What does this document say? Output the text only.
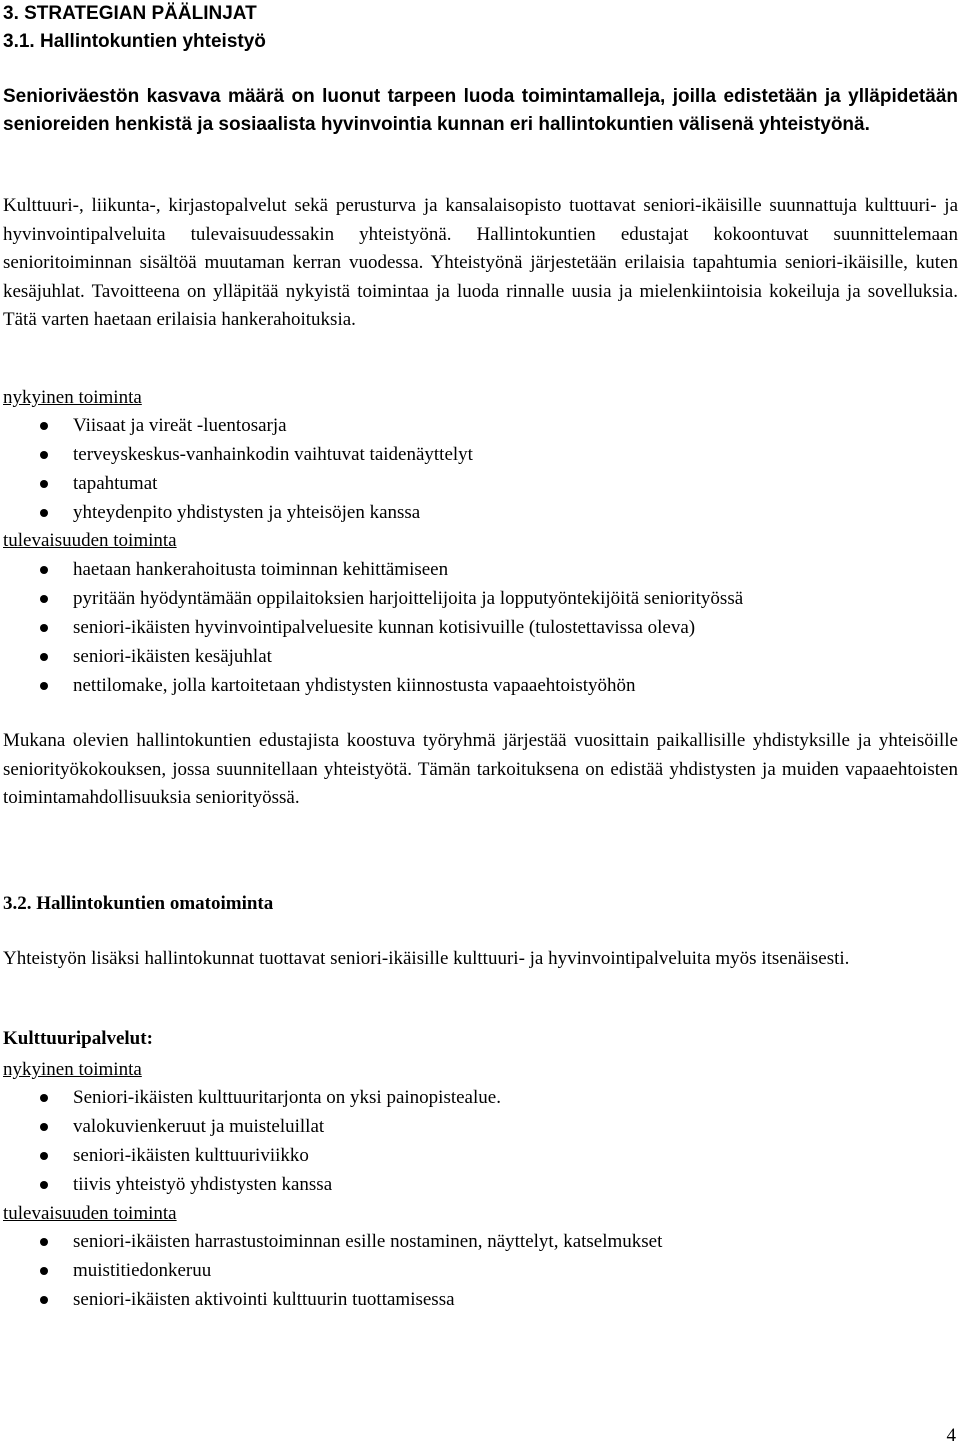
3. STRATEGIAN PÄÄLINJAT
3.1. Hallintokuntien yhteistyö

Senioriväestön kasvava määrä on luonut tarpeen luoda toimintamalleja, joilla edistetään ja ylläpidetään senioreiden henkistä ja sosiaalista hyvinvointia kunnan eri hallintokuntien välisenä yhteistyönä.

Kulttuuri-, liikunta-, kirjastopalvelut sekä perusturva ja kansalaisopisto tuottavat seniori-ikäisille suunnattuja kulttuuri- ja hyvinvointipalveluita tulevaisuudessakin yhteistyönä. Hallintokuntien edustajat kokoontuvat suunnittelemaan senioritoiminnan sisältöä muutaman kerran vuodessa. Yhteistyönä järjestetään erilaisia tapahtumia seniori-ikäisille, kuten kesäjuhlat. Tavoitteena on ylläpitää nykyistä toimintaa ja luoda rinnalle uusia ja mielenkiintoisia kokeiluja ja sovelluksia. Tätä varten haetaan erilaisia hankerahoituksia.

nykyinen toiminta
Viisaat ja vireät -luentosarja
terveyskeskus-vanhainkodin vaihtuvat taidenäyttelyt
tapahtumat
yhteydenpito yhdistysten ja yhteisöjen kanssa
tulevaisuuden toiminta
haetaan hankerahoitusta toiminnan kehittämiseen
pyritään hyödyntämään oppilaitoksien harjoittelijoita ja lopputyöntekijöitä seniorityössä
seniori-ikäisten hyvinvointipalveluesite kunnan kotisivuille (tulostettavissa oleva)
seniori-ikäisten kesäjuhlat
nettilomake, jolla kartoitetaan yhdistysten kiinnostusta vapaaehtoistyöhön

Mukana olevien hallintokuntien edustajista koostuva työryhmä järjestää vuosittain paikallisille yhdistyksille ja yhteisöille seniorityökokouksen, jossa suunnitellaan yhteistyötä. Tämän tarkoituksena on edistää yhdistysten ja muiden vapaaehtoisten toimintamahdollisuuksia seniorityössä.

3.2. Hallintokuntien omatoiminta

Yhteistyön lisäksi hallintokunnat tuottavat seniori-ikäisille kulttuuri- ja hyvinvointipalveluita myös itsenäisesti.

Kulttuuripalvelut:
nykyinen toiminta
Seniori-ikäisten kulttuuritarjonta on yksi painopistealue.
valokuvienkeruut ja muisteluillat
seniori-ikäisten kulttuuriviikko
tiivis yhteistyö yhdistysten kanssa
tulevaisuuden toiminta
seniori-ikäisten harrastustoiminnan esille nostaminen, näyttelyt, katselmukset
muistitiedonkeruu
seniori-ikäisten aktivointi kulttuurin tuottamisessa
4
